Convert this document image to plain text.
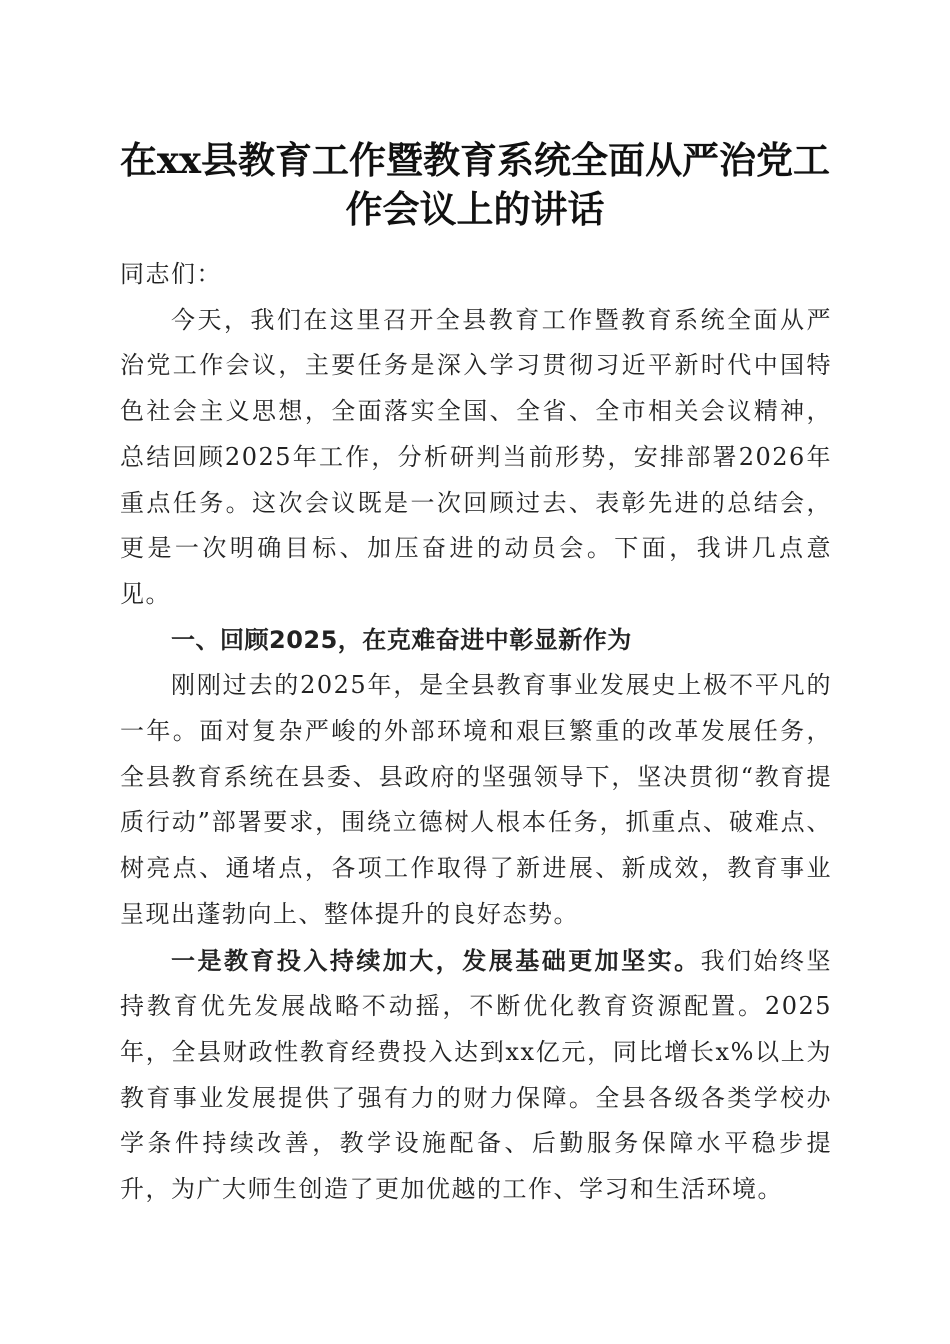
在xx县教育工作暨教育系统全面从严治党工
作会议上的讲话

同志们：

今天，我们在这里召开全县教育工作暨教育系统全面从严治党工作会议，主要任务是深入学习贯彻习近平新时代中国特色社会主义思想，全面落实全国、全省、全市相关会议精神，总结回顾2025年工作，分析研判当前形势，安排部署2026年重点任务。这次会议既是一次回顾过去、表彰先进的总结会，更是一次明确目标、加压奋进的动员会。下面，我讲几点意见。

一、回顾2025，在克难奋进中彰显新作为

刚刚过去的2025年，是全县教育事业发展史上极不平凡的一年。面对复杂严峻的外部环境和艰巨繁重的改革发展任务，全县教育系统在县委、县政府的坚强领导下，坚决贯彻“教育提质行动”部署要求，围绕立德树人根本任务，抓重点、破难点、树亮点、通堵点，各项工作取得了新进展、新成效，教育事业呈现出蓬勃向上、整体提升的良好态势。

一是教育投入持续加大，发展基础更加坚实。我们始终坚持教育优先发展战略不动摇，不断优化教育资源配置。2025年，全县财政性教育经费投入达到xx亿元，同比增长x%以上为教育事业发展提供了强有力的财力保障。全县各级各类学校办学条件持续改善，教学设施配备、后勤服务保障水平稳步提升，为广大师生创造了更加优越的工作、学习和生活环境。
